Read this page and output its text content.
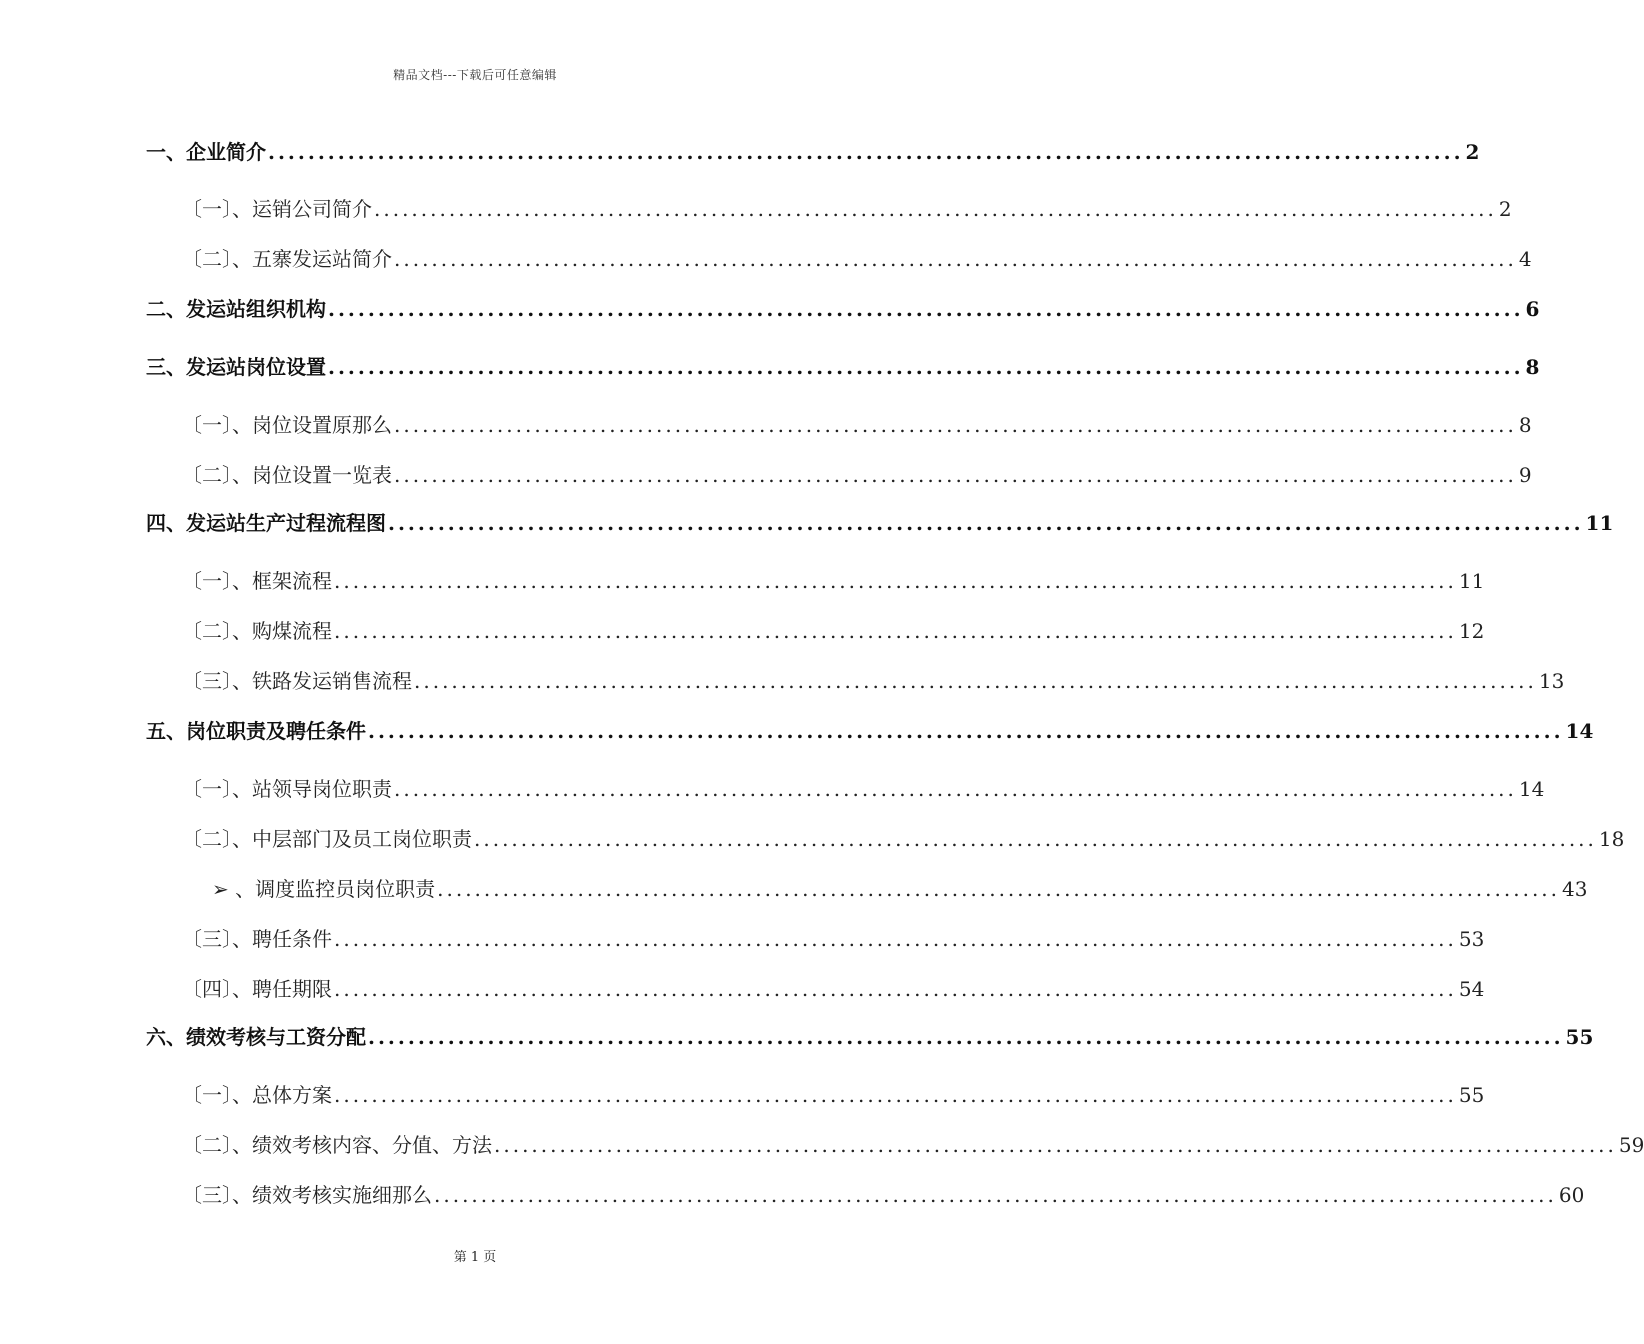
精品文档---下载后可任意编辑
一、 企业简介 ........................................................................................................................ 2
〔一〕、 运销公司简介 ........................................................................................................................ 2
〔二〕、 五寨发运站简介 ........................................................................................................................ 4
二、 发运站组织机构 ........................................................................................................................ 6
三、 发运站岗位设置 ........................................................................................................................ 8
〔一〕、 岗位设置原那么 ........................................................................................................................ 8
〔二〕、 岗位设置一览表 ........................................................................................................................ 9
四、 发运站生产过程流程图 ........................................................................................................................ 11
〔一〕、 框架流程 ........................................................................................................................ 11
〔二〕、 购煤流程 ........................................................................................................................ 12
〔三〕、 铁路发运销售流程 ........................................................................................................................ 13
五、 岗位职责及聘任条件 ........................................................................................................................ 14
〔一〕、 站领导岗位职责 ........................................................................................................................ 14
〔二〕、 中层部门及员工岗位职责 ........................................................................................................................ 18
➢ 、 调度监控员岗位职责 ........................................................................................................................ 43
〔三〕、 聘任条件 ........................................................................................................................ 53
〔四〕、 聘任期限 ........................................................................................................................ 54
六、 绩效考核与工资分配 ........................................................................................................................ 55
〔一〕、 总体方案 ........................................................................................................................ 55
〔二〕、 绩效考核内容、分值、方法 ........................................................................................................................ 59
〔三〕、 绩效考核实施细那么 ........................................................................................................................ 60
第 1 页
